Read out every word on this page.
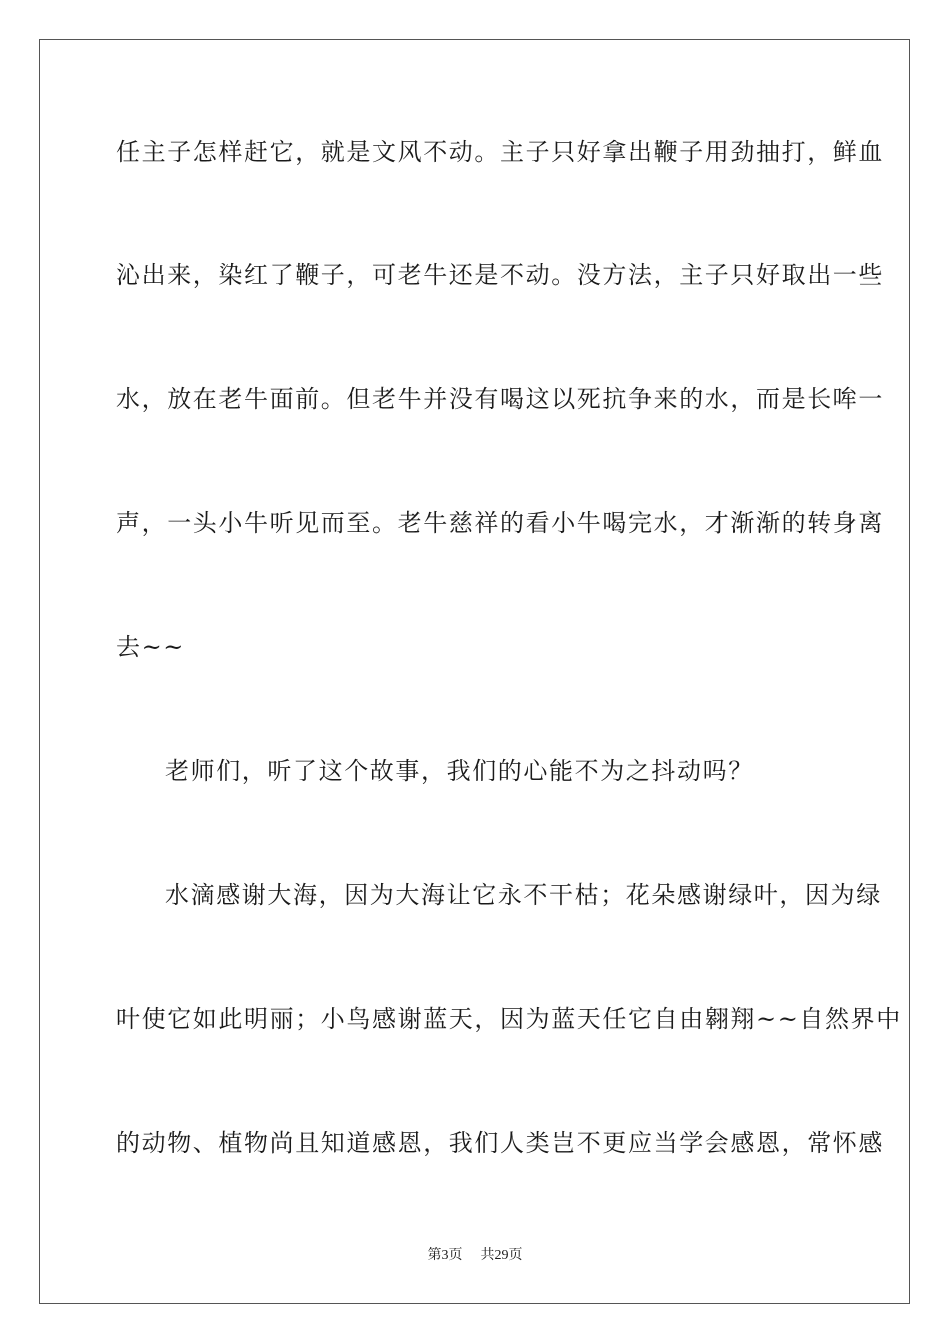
任主子怎样赶它，就是文风不动。主子只好拿出鞭子用劲抽打，鲜血
沁出来，染红了鞭子，可老牛还是不动。没方法，主子只好取出一些
水，放在老牛面前。但老牛并没有喝这以死抗争来的水，而是长哞一
声，一头小牛听见而至。老牛慈祥的看小牛喝完水，才渐渐的转身离
去~~
老师们，听了这个故事，我们的心能不为之抖动吗？
水滴感谢大海，因为大海让它永不干枯；花朵感谢绿叶，因为绿
叶使它如此明丽；小鸟感谢蓝天，因为蓝天任它自由翱翔~~自然界中
的动物、植物尚且知道感恩，我们人类岂不更应当学会感恩，常怀感
第3页 共29页
